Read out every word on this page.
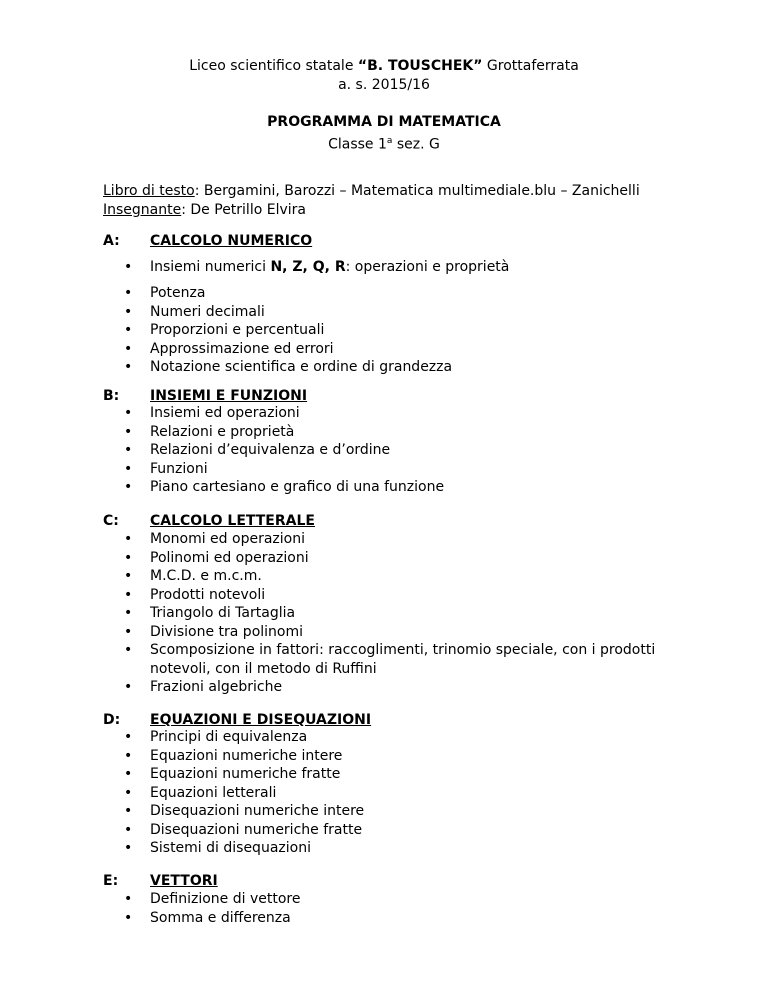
Liceo scientifico statale “B. TOUSCHEK” Grottaferrata
a. s. 2015/16
PROGRAMMA DI MATEMATICA
Classe 1$^a$ sez. G
Libro di testo: Bergamini, Barozzi – Matematica multimediale.blu – Zanichelli
Insegnante: De Petrillo Elvira
A: CALCOLO NUMERICO
• Insiemi numerici N, Z, Q, R: operazioni e proprietà
• Potenza
• Numeri decimali
• Proporzioni e percentuali
• Approssimazione ed errori
• Notazione scientifica e ordine di grandezza
B: INSIEMI E FUNZIONI
• Insiemi ed operazioni
• Relazioni e proprietà
• Relazioni d’equivalenza e d’ordine
• Funzioni
• Piano cartesiano e grafico di una funzione
C: CALCOLO LETTERALE
• Monomi ed operazioni
• Polinomi ed operazioni
• M.C.D. e m.c.m.
• Prodotti notevoli
• Triangolo di Tartaglia
• Divisione tra polinomi
• Scomposizione in fattori: raccoglimenti, trinomio speciale, con i prodotti notevoli, con il metodo di Ruffini
• Frazioni algebriche
D: EQUAZIONI E DISEQUAZIONI
• Principi di equivalenza
• Equazioni numeriche intere
• Equazioni numeriche fratte
• Equazioni letterali
• Disequazioni numeriche intere
• Disequazioni numeriche fratte
• Sistemi di disequazioni
E: VETTORI
• Definizione di vettore
• Somma e differenza
